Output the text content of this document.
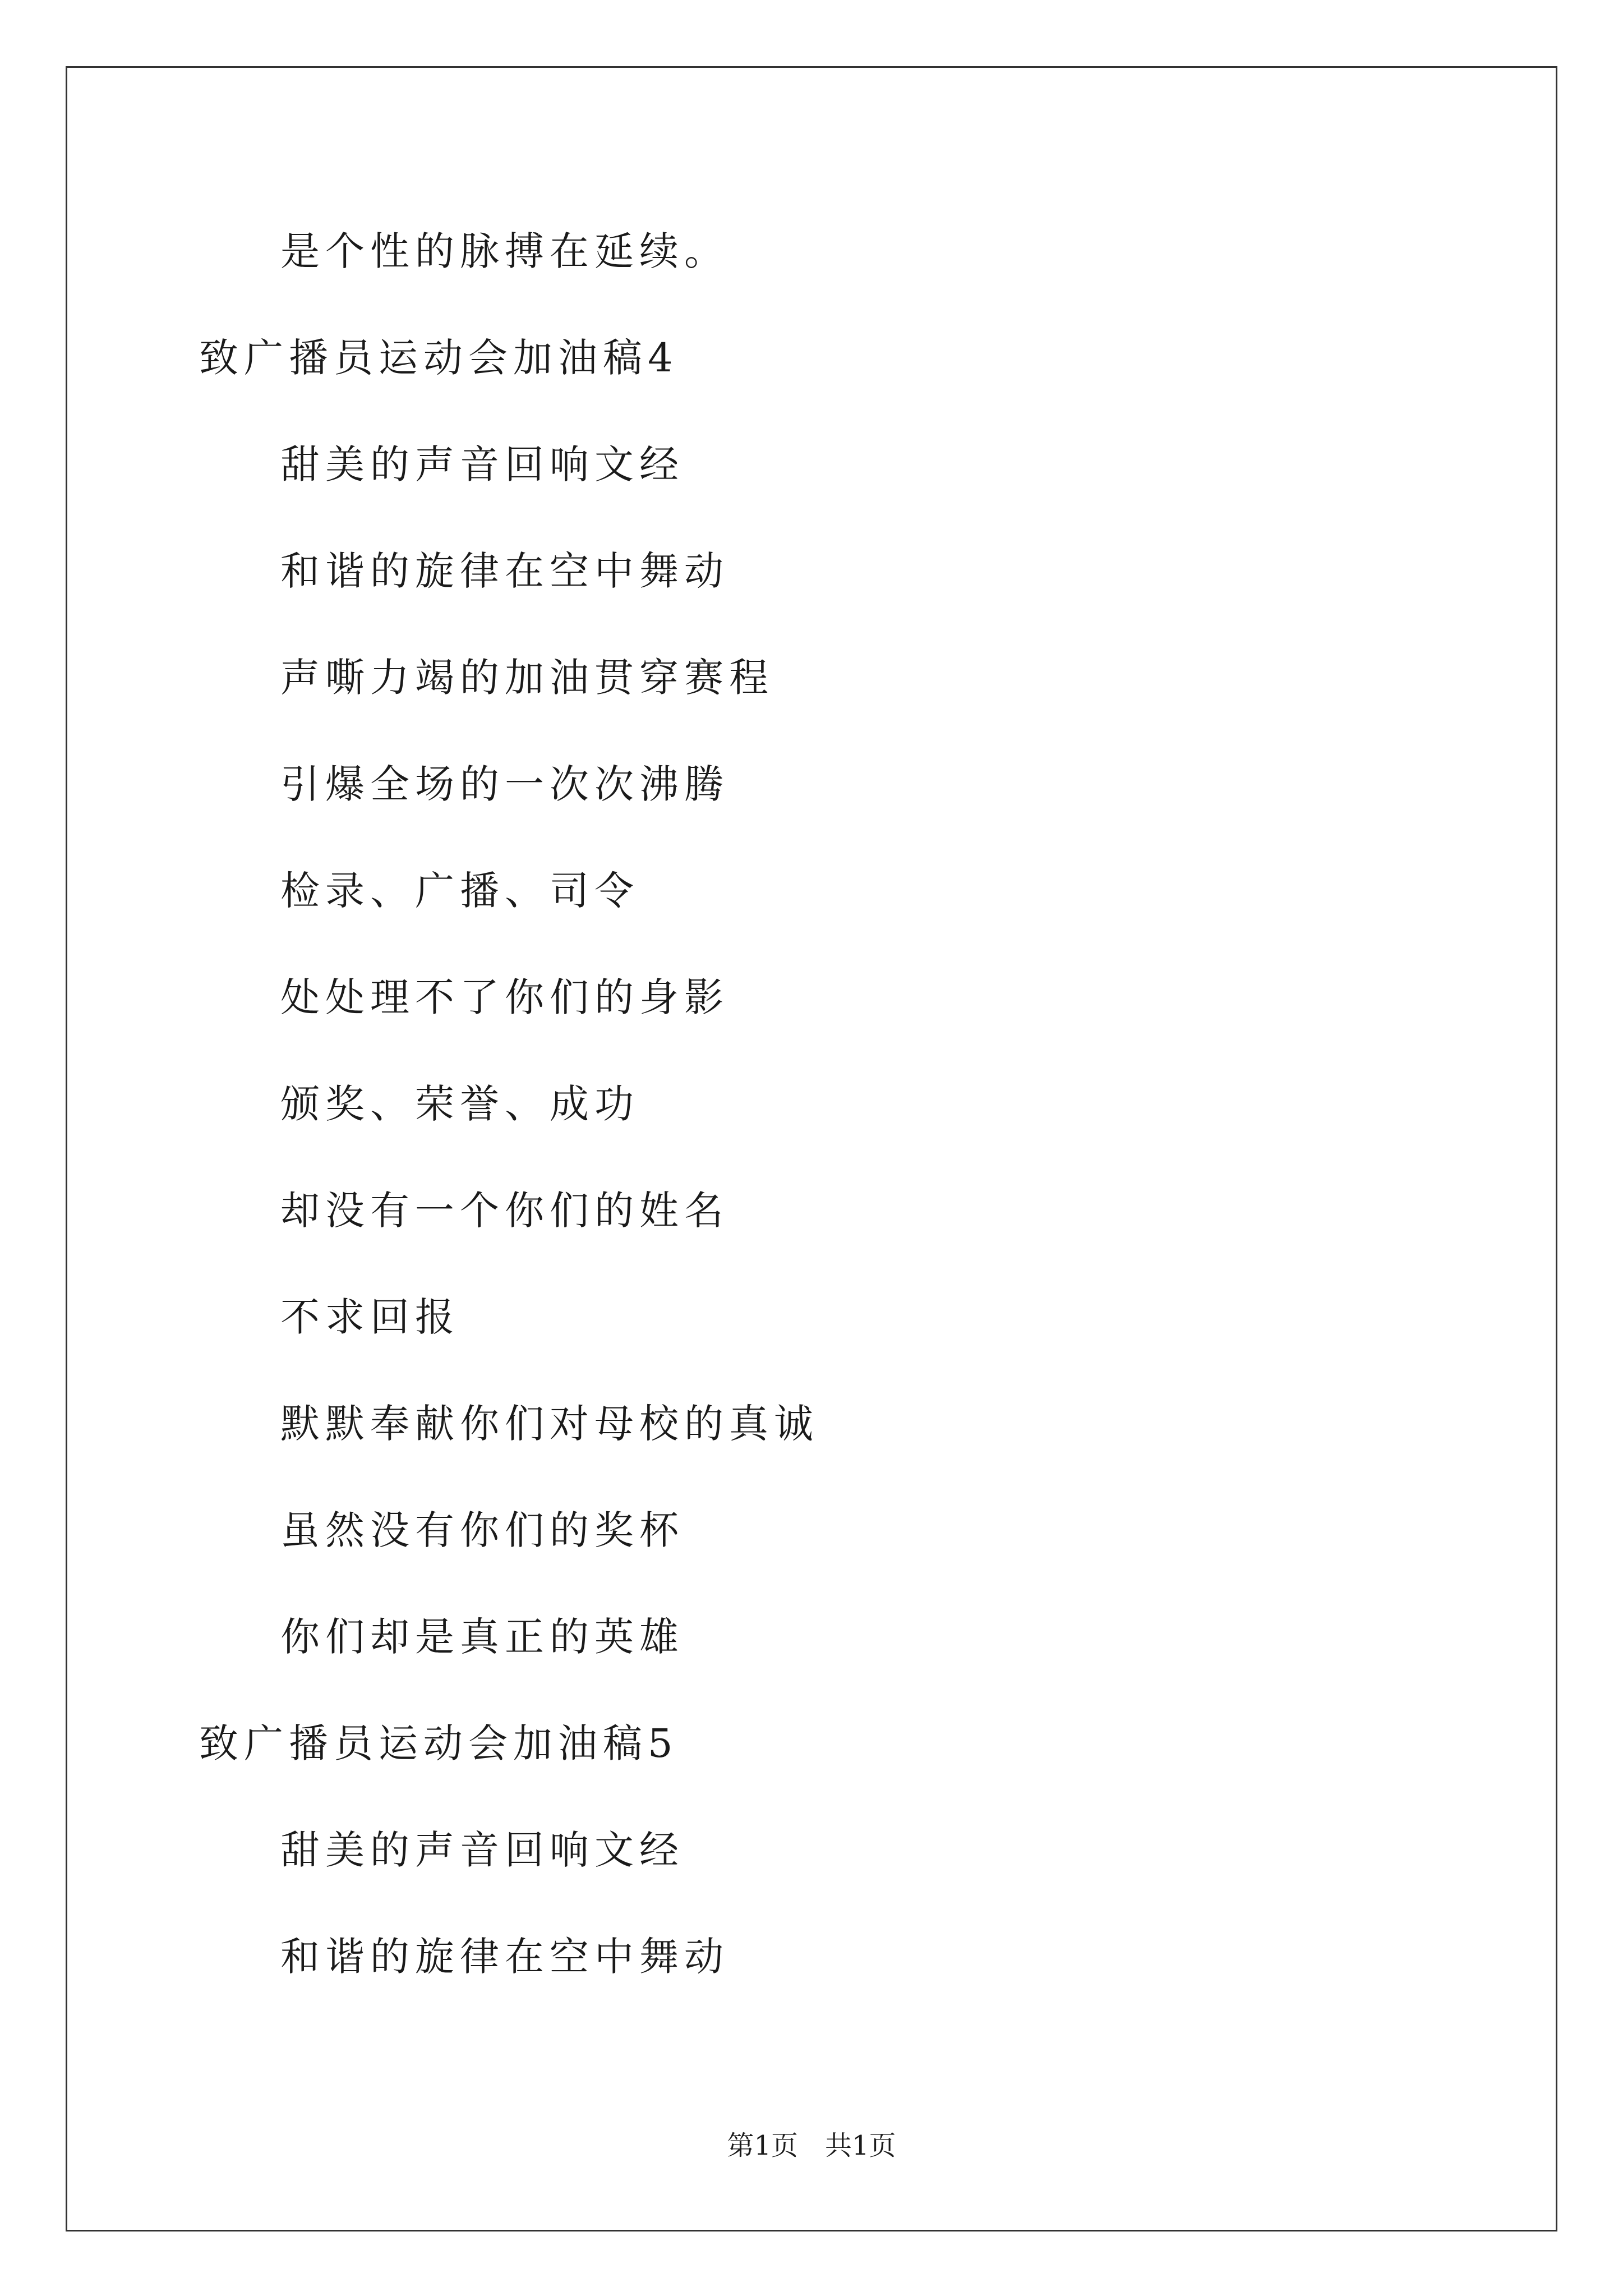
是个性的脉搏在延续。
致广播员运动会加油稿4
甜美的声音回响文经
和谐的旋律在空中舞动
声嘶力竭的加油贯穿赛程
引爆全场的一次次沸腾
检录、广播、司令
处处理不了你们的身影
颁奖、荣誉、成功
却没有一个你们的姓名
不求回报
默默奉献你们对母校的真诚
虽然没有你们的奖杯
你们却是真正的英雄
致广播员运动会加油稿5
甜美的声音回响文经
和谐的旋律在空中舞动
第1页　共1页
